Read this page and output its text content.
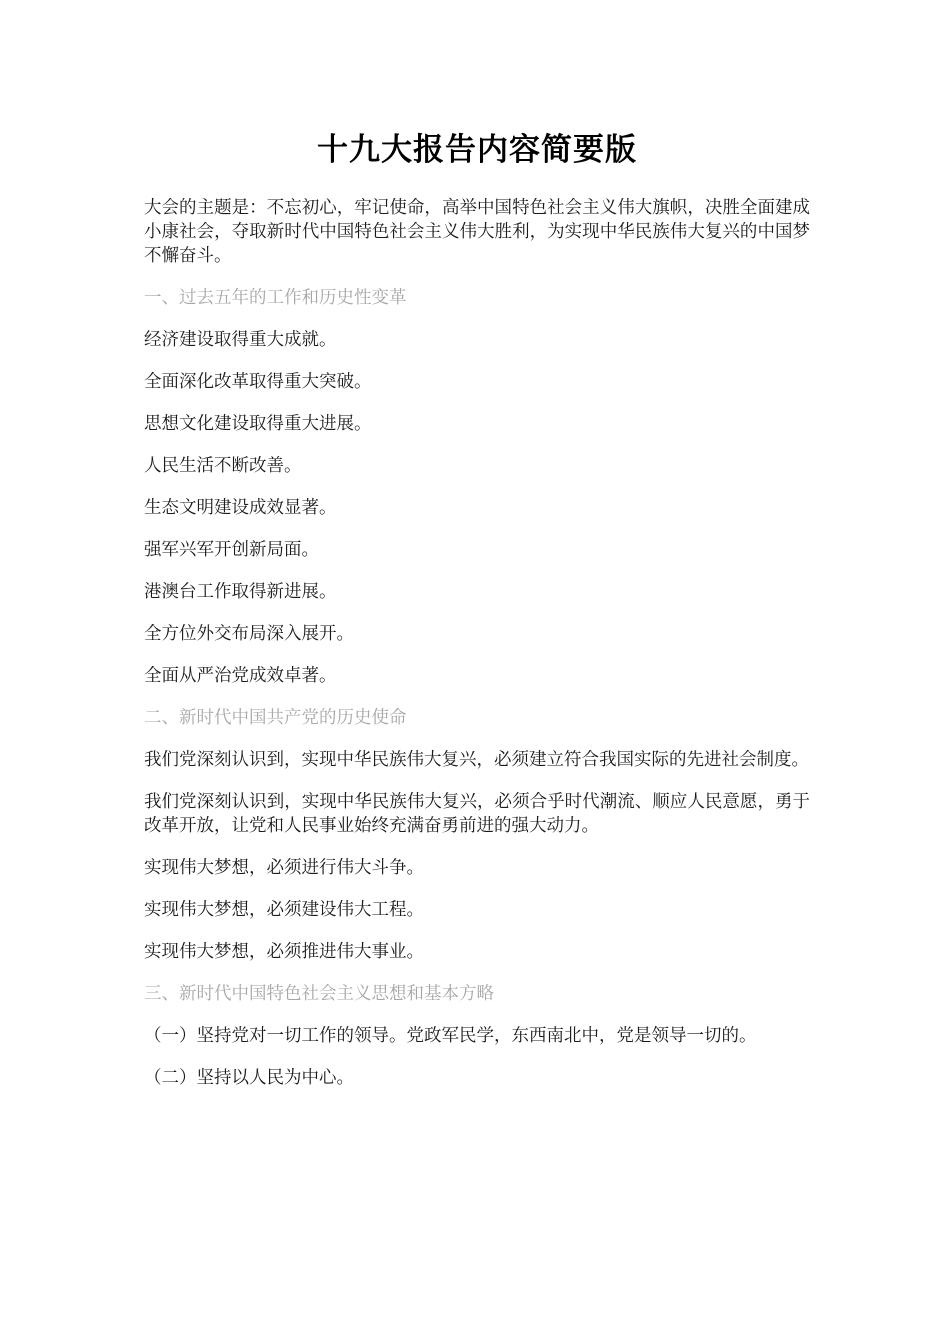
十九大报告内容简要版

大会的主题是：不忘初心，牢记使命，高举中国特色社会主义伟大旗帜，决胜全面建成小康社会，夺取新时代中国特色社会主义伟大胜利，为实现中华民族伟大复兴的中国梦不懈奋斗。

一、过去五年的工作和历史性变革

经济建设取得重大成就。

全面深化改革取得重大突破。

思想文化建设取得重大进展。

人民生活不断改善。

生态文明建设成效显著。

强军兴军开创新局面。

港澳台工作取得新进展。

全方位外交布局深入展开。

全面从严治党成效卓著。

二、新时代中国共产党的历史使命

我们党深刻认识到，实现中华民族伟大复兴，必须建立符合我国实际的先进社会制度。

我们党深刻认识到，实现中华民族伟大复兴，必须合乎时代潮流、顺应人民意愿，勇于改革开放，让党和人民事业始终充满奋勇前进的强大动力。

实现伟大梦想，必须进行伟大斗争。

实现伟大梦想，必须建设伟大工程。

实现伟大梦想，必须推进伟大事业。

三、新时代中国特色社会主义思想和基本方略

（一）坚持党对一切工作的领导。党政军民学，东西南北中，党是领导一切的。

（二）坚持以人民为中心。
